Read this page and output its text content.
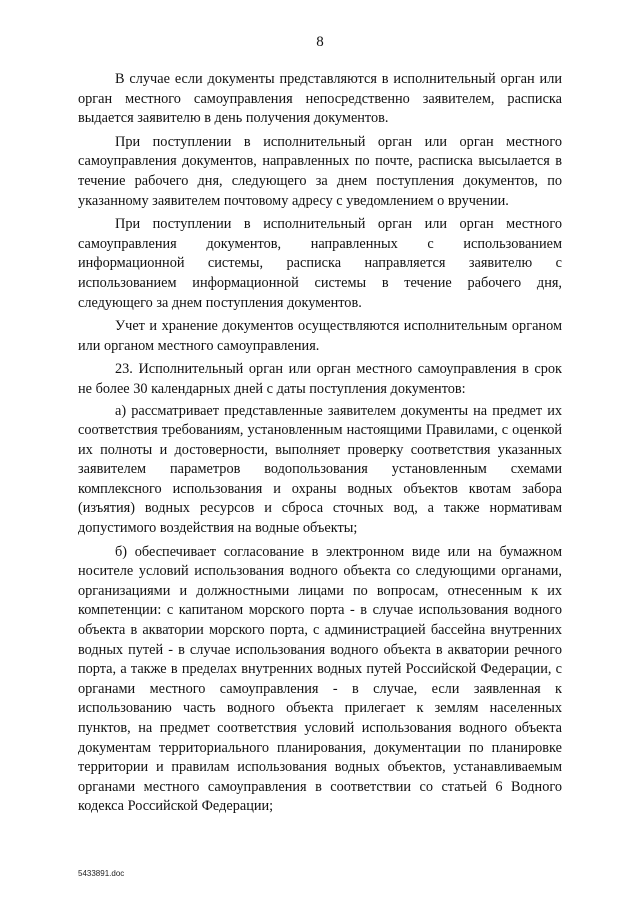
8

В случае если документы представляются в исполнительный орган или орган местного самоуправления непосредственно заявителем, расписка выдается заявителю в день получения документов.

При поступлении в исполнительный орган или орган местного самоуправления документов, направленных по почте, расписка высылается в течение рабочего дня, следующего за днем поступления документов, по указанному заявителем почтовому адресу с уведомлением о вручении.

При поступлении в исполнительный орган или орган местного самоуправления документов, направленных с использованием информационной системы, расписка направляется заявителю с использованием информационной системы в течение рабочего дня, следующего за днем поступления документов.

Учет и хранение документов осуществляются исполнительным органом или органом местного самоуправления.

23. Исполнительный орган или орган местного самоуправления в срок не более 30 календарных дней с даты поступления документов:

а) рассматривает представленные заявителем документы на предмет их соответствия требованиям, установленным настоящими Правилами, с оценкой их полноты и достоверности, выполняет проверку соответствия указанных заявителем параметров водопользования установленным схемами комплексного использования и охраны водных объектов квотам забора (изъятия) водных ресурсов и сброса сточных вод, а также нормативам допустимого воздействия на водные объекты;

б) обеспечивает согласование в электронном виде или на бумажном носителе условий использования водного объекта со следующими органами, организациями и должностными лицами по вопросам, отнесенным к их компетенции: с капитаном морского порта - в случае использования водного объекта в акватории морского порта, с администрацией бассейна внутренних водных путей - в случае использования водного объекта в акватории речного порта, а также в пределах внутренних водных путей Российской Федерации, с органами местного самоуправления - в случае, если заявленная к использованию часть водного объекта прилегает к землям населенных пунктов, на предмет соответствия условий использования водного объекта документам территориального планирования, документации по планировке территории и правилам использования водных объектов, устанавливаемым органами местного самоуправления в соответствии со статьей 6 Водного кодекса Российской Федерации;

5433891.doc
